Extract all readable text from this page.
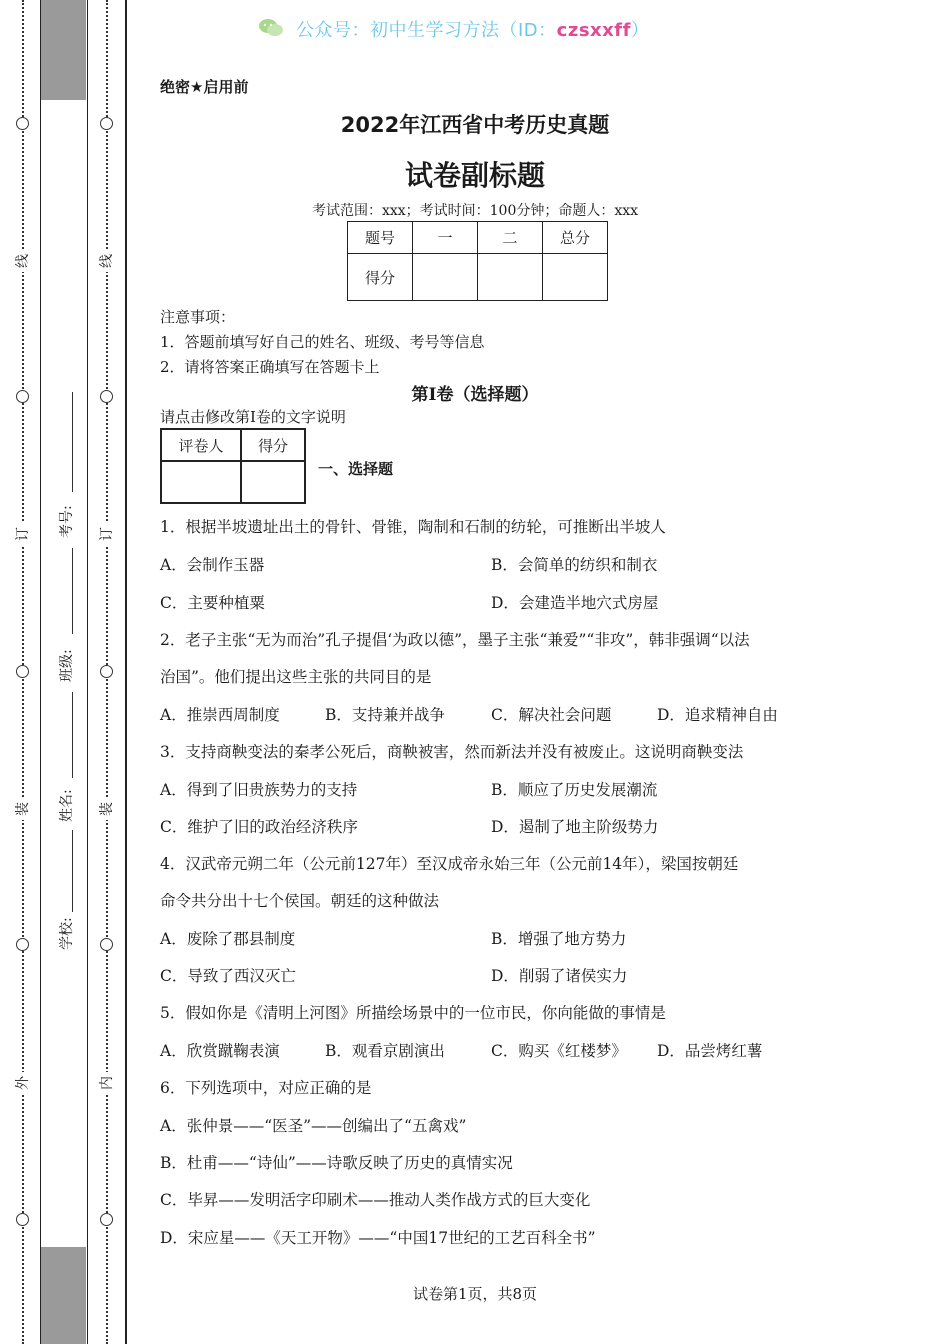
线
订
装
外
线
订
装
内
学校:
姓名:
班级:
考号:
公众号：初中生学习方法（ID：czsxxff）
绝密★启用前
2022年江西省中考历史真题
试卷副标题
考试范围：xxx；考试时间：100分钟；命题人：xxx
题号	一	二	总分
得分			
注意事项：
1．答题前填写好自己的姓名、班级、考号等信息
2．请将答案正确填写在答题卡上
第I卷（选择题）
请点击修改第I卷的文字说明
评卷人	得分

一、选择题
1．根据半坡遗址出土的骨针、骨锥，陶制和石制的纺轮，可推断出半坡人
A．会制作玉器	B．会简单的纺织和制衣
C．主要种植粟	D．会建造半地穴式房屋
2．老子主张“无为而治”孔子提倡‘为政以德”，墨子主张“兼爱”“非攻”，韩非强调“以法
治国”。他们提出这些主张的共同目的是
A．推崇西周制度	B．支持兼并战争	C．解决社会问题	D．追求精神自由
3．支持商鞅变法的秦孝公死后，商鞅被害，然而新法并没有被废止。这说明商鞅变法
A．得到了旧贵族势力的支持	B．顺应了历史发展潮流
C．维护了旧的政治经济秩序	D．遏制了地主阶级势力
4．汉武帝元朔二年（公元前127年）至汉成帝永始三年（公元前14年），梁国按朝廷
命令共分出十七个侯国。朝廷的这种做法
A．废除了郡县制度	B．增强了地方势力
C．导致了西汉灭亡	D．削弱了诸侯实力
5．假如你是《清明上河图》所描绘场景中的一位市民，你向能做的事情是
A．欣赏蹴鞠表演	B．观看京剧演出	C．购买《红楼梦》 D．品尝烤红薯
6．下列选项中，对应正确的是
A．张仲景——“医圣”——创编出了“五禽戏”
B．杜甫——“诗仙”——诗歌反映了历史的真情实况
C．毕昇——发明活字印刷术——推动人类作战方式的巨大变化
D．宋应星——《天工开物》——“中国17世纪的工艺百科全书”
试卷第1页，共8页
